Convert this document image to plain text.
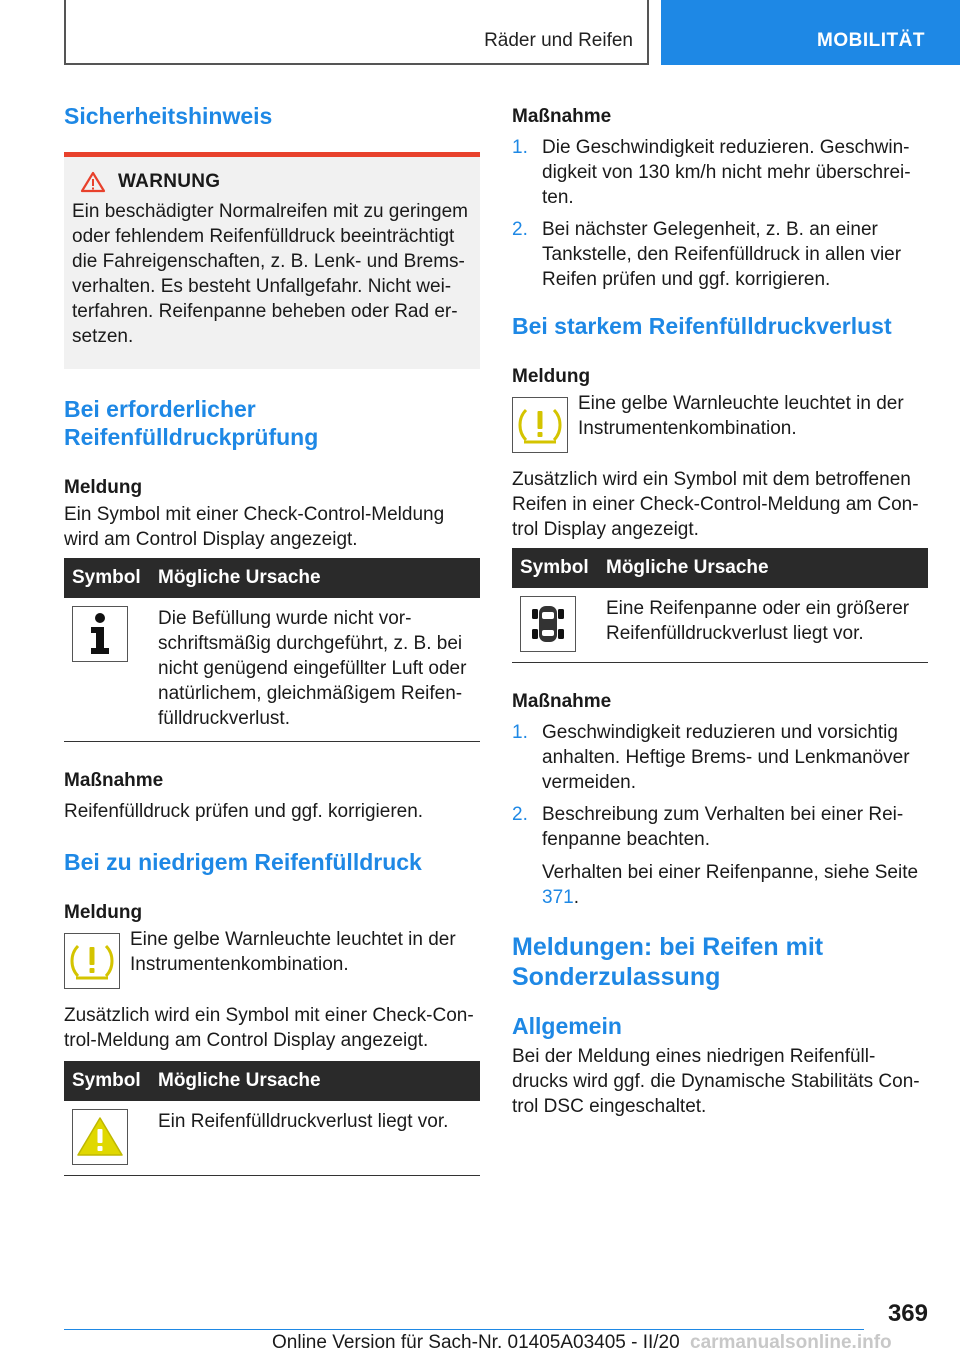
Räder und Reifen	MOBILITÄT
Sicherheitshinweis
WARNUNG
Ein beschädigter Normalreifen mit zu geringem oder fehlendem Reifenfülldruck beeinträchtigt die Fahreigenschaften, z. B. Lenk- und Brems-verhalten. Es besteht Unfallgefahr. Nicht wei-terfahren. Reifenpanne beheben oder Rad er-setzen.
Bei erforderlicher Reifenfülldruckprüfung
Meldung
Ein Symbol mit einer Check-Control-Meldung wird am Control Display angezeigt.
Symbol	Mögliche Ursache

	Die Befüllung wurde nicht vor-schriftsmäßig durchgeführt, z. B. bei nicht genügend eingefüllter Luft oder natürlichem, gleichmäßigem Reifen-fülldruckverlust.
Maßnahme
Reifenfülldruck prüfen und ggf. korrigieren.
Bei zu niedrigem Reifenfülldruck
Meldung
Eine gelbe Warnleuchte leuchtet in der Instrumentenkombination.
Zusätzlich wird ein Symbol mit einer Check-Con-trol-Meldung am Control Display angezeigt.
Symbol	Mögliche Ursache

	Ein Reifenfülldruckverlust liegt vor.
Maßnahme
1. Die Geschwindigkeit reduzieren. Geschwin-digkeit von 130 km/h nicht mehr überschrei-ten.
2. Bei nächster Gelegenheit, z. B. an einer Tankstelle, den Reifenfülldruck in allen vier Reifen prüfen und ggf. korrigieren.
Bei starkem Reifenfülldruckverlust
Meldung
Eine gelbe Warnleuchte leuchtet in der Instrumentenkombination.
Zusätzlich wird ein Symbol mit dem betroffenen Reifen in einer Check-Control-Meldung am Con-trol Display angezeigt.
Symbol	Mögliche Ursache

	Eine Reifenpanne oder ein größerer Reifenfülldruckverlust liegt vor.
Maßnahme
1. Geschwindigkeit reduzieren und vorsichtig anhalten. Heftige Brems- und Lenkmanöver vermeiden.
2. Beschreibung zum Verhalten bei einer Rei-fenpanne beachten.
Verhalten bei einer Reifenpanne, siehe Seite 371.
Meldungen: bei Reifen mit Sonderzulassung
Allgemein
Bei der Meldung eines niedrigen Reifenfüll-drucks wird ggf. die Dynamische Stabilitäts Con-trol DSC eingeschaltet.
369
Online Version für Sach-Nr. 01405A03405 - II/20 carmanualsonline.info
